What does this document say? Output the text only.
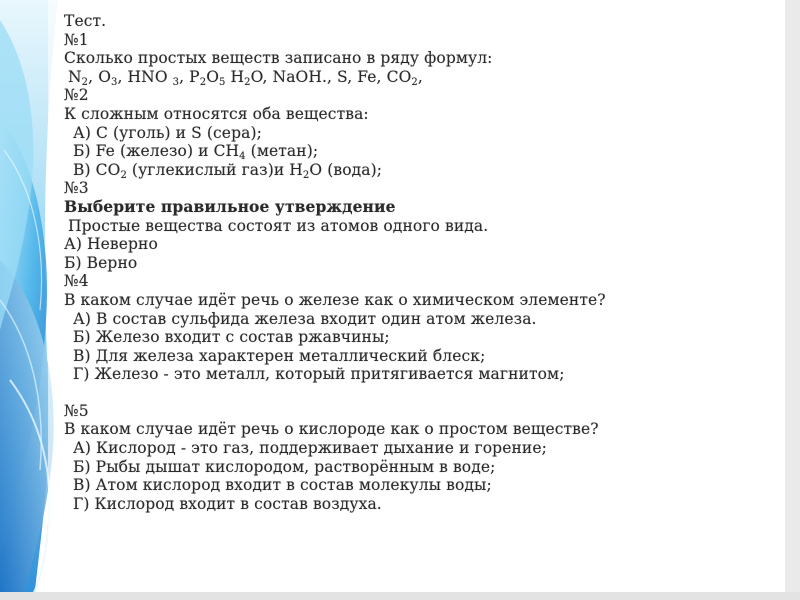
Тест.
№1
Сколько простых веществ записано в ряду формул:
$N_2$, $O_3$, HNO $_3$, $P_2O_5$ $H_2O$, NaOH., S, Fe, $CO_2$,
№2
К сложным относятся оба вещества:
А) С (уголь) и S (сера);
Б) Fe (железо) и $CH_4$ (метан);
В) $CO_2$ (углекислый газ)и $H_2O$ (вода);
№3
Выберите правильное утверждение
Простые вещества состоят из атомов одного вида.
А) Неверно
Б) Верно
№4
В каком случае идёт речь о железе как о химическом элементе?
А) В состав сульфида железа входит один атом железа.
Б) Железо входит с состав ржавчины;
В) Для железа характерен металлический блеск;
Г) Железо - это металл, который притягивается магнитом;
№5
В каком случае идёт речь о кислороде как о простом веществе?
А) Кислород - это газ, поддерживает дыхание и горение;
Б) Рыбы дышат кислородом, растворённым в воде;
В) Атом кислород входит в состав молекулы воды;
Г) Кислород входит в состав воздуха.
